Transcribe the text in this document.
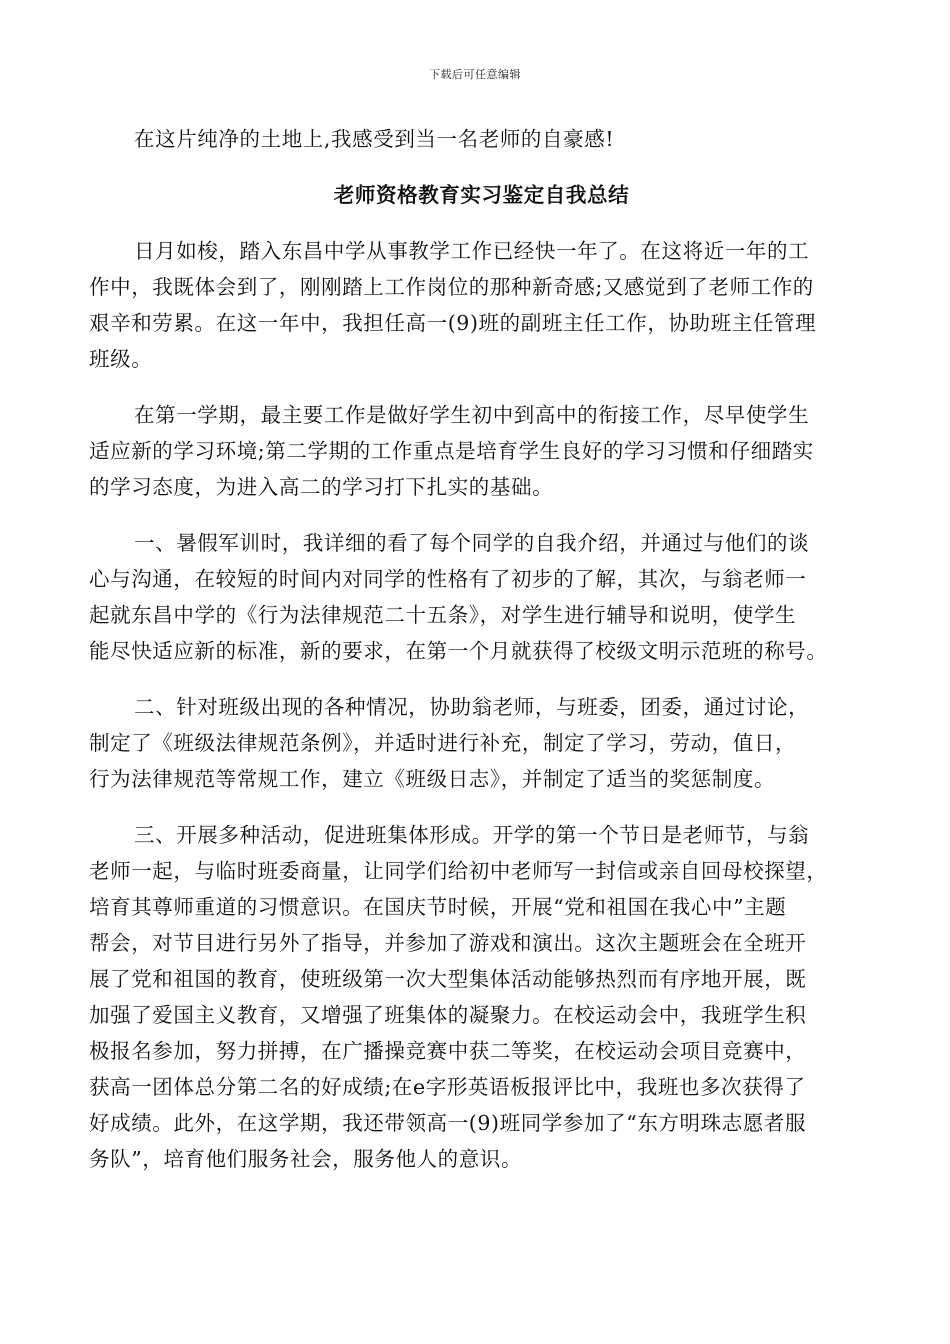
下载后可任意编辑
在这片纯净的土地上,我感受到当一名老师的自豪感!
老师资格教育实习鉴定自我总结
日月如梭，踏入东昌中学从事教学工作已经快一年了。在这将近一年的工
作中，我既体会到了，刚刚踏上工作岗位的那种新奇感;又感觉到了老师工作的
艰辛和劳累。在这一年中，我担任高一(9)班的副班主任工作，协助班主任管理
班级。
在第一学期，最主要工作是做好学生初中到高中的衔接工作，尽早使学生
适应新的学习环境;第二学期的工作重点是培育学生良好的学习习惯和仔细踏实
的学习态度，为进入高二的学习打下扎实的基础。
一、暑假军训时，我详细的看了每个同学的自我介绍，并通过与他们的谈
心与沟通，在较短的时间内对同学的性格有了初步的了解，其次，与翁老师一
起就东昌中学的《行为法律规范二十五条》，对学生进行辅导和说明，使学生
能尽快适应新的标准，新的要求，在第一个月就获得了校级文明示范班的称号。
二、针对班级出现的各种情况，协助翁老师，与班委，团委，通过讨论，
制定了《班级法律规范条例》，并适时进行补充，制定了学习，劳动，值日，
行为法律规范等常规工作，建立《班级日志》，并制定了适当的奖惩制度。
三、开展多种活动，促进班集体形成。开学的第一个节日是老师节，与翁
老师一起，与临时班委商量，让同学们给初中老师写一封信或亲自回母校探望，
培育其尊师重道的习惯意识。在国庆节时候，开展“党和祖国在我心中”主题
帮会，对节目进行另外了指导，并参加了游戏和演出。这次主题班会在全班开
展了党和祖国的教育，使班级第一次大型集体活动能够热烈而有序地开展，既
加强了爱国主义教育，又增强了班集体的凝聚力。在校运动会中，我班学生积
极报名参加，努力拼搏，在广播操竞赛中获二等奖，在校运动会项目竞赛中，
获高一团体总分第二名的好成绩;在e字形英语板报评比中，我班也多次获得了
好成绩。此外，在这学期，我还带领高一(9)班同学参加了“东方明珠志愿者服
务队”，培育他们服务社会，服务他人的意识。
